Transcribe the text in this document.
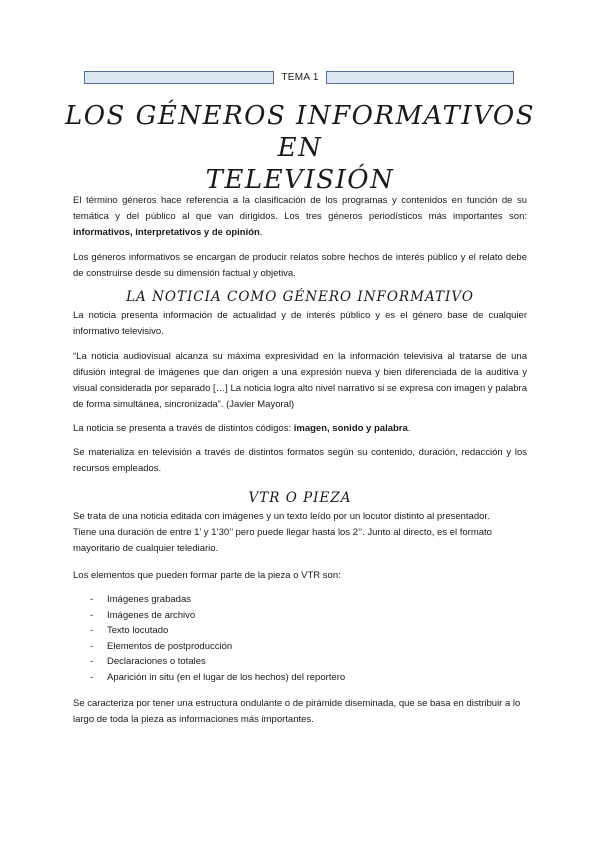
TEMA 1
LOS GÉNEROS INFORMATIVOS EN
TELEVISIÓN

El término géneros hace referencia a la clasificación de los programas y contenidos en función de su temática y del público al que van dirigidos. Los tres géneros periodísticos más importantes son: informativos, interpretativos y de opinión.

Los géneros informativos se encargan de producir relatos sobre hechos de interés público y el relato debe de construirse desde su dimensión factual y objetiva.

LA NOTICIA COMO GÉNERO INFORMATIVO

La noticia presenta información de actualidad y de interés público y es el género base de cualquier informativo televisivo.

“La noticia audiovisual alcanza su máxima expresividad en la información televisiva al tratarse de una difusión integral de imágenes que dan origen a una expresión nueva y bien diferenciada de la auditiva y visual considerada por separado […] La noticia logra alto nivel narrativo si se expresa con imagen y palabra de forma simultánea, sincronizada”. (Javier Mayoral)

La noticia se presenta a través de distintos códigos: imagen, sonido y palabra.

Se materializa en televisión a través de distintos formatos según su contenido, duración, redacción y los recursos empleados.

VTR O PIEZA

Se trata de una noticia editada con imágenes y un texto leído por un locutor distinto al presentador.

Tiene una duración de entre 1’ y 1’30’’ pero puede llegar hasta los 2’’. Junto al directo, es el formato mayoritario de cualquier telediario.

Los elementos que pueden formar parte de la pieza o VTR son:

- Imágenes grabadas
- Imágenes de archivo
- Texto locutado
- Elementos de postproducción
- Declaraciones o totales
- Aparición in situ (en el lugar de los hechos) del reportero

Se caracteriza por tener una estructura ondulante o de pirámide diseminada, que se basa en distribuir a lo largo de toda la pieza as informaciones más importantes.
